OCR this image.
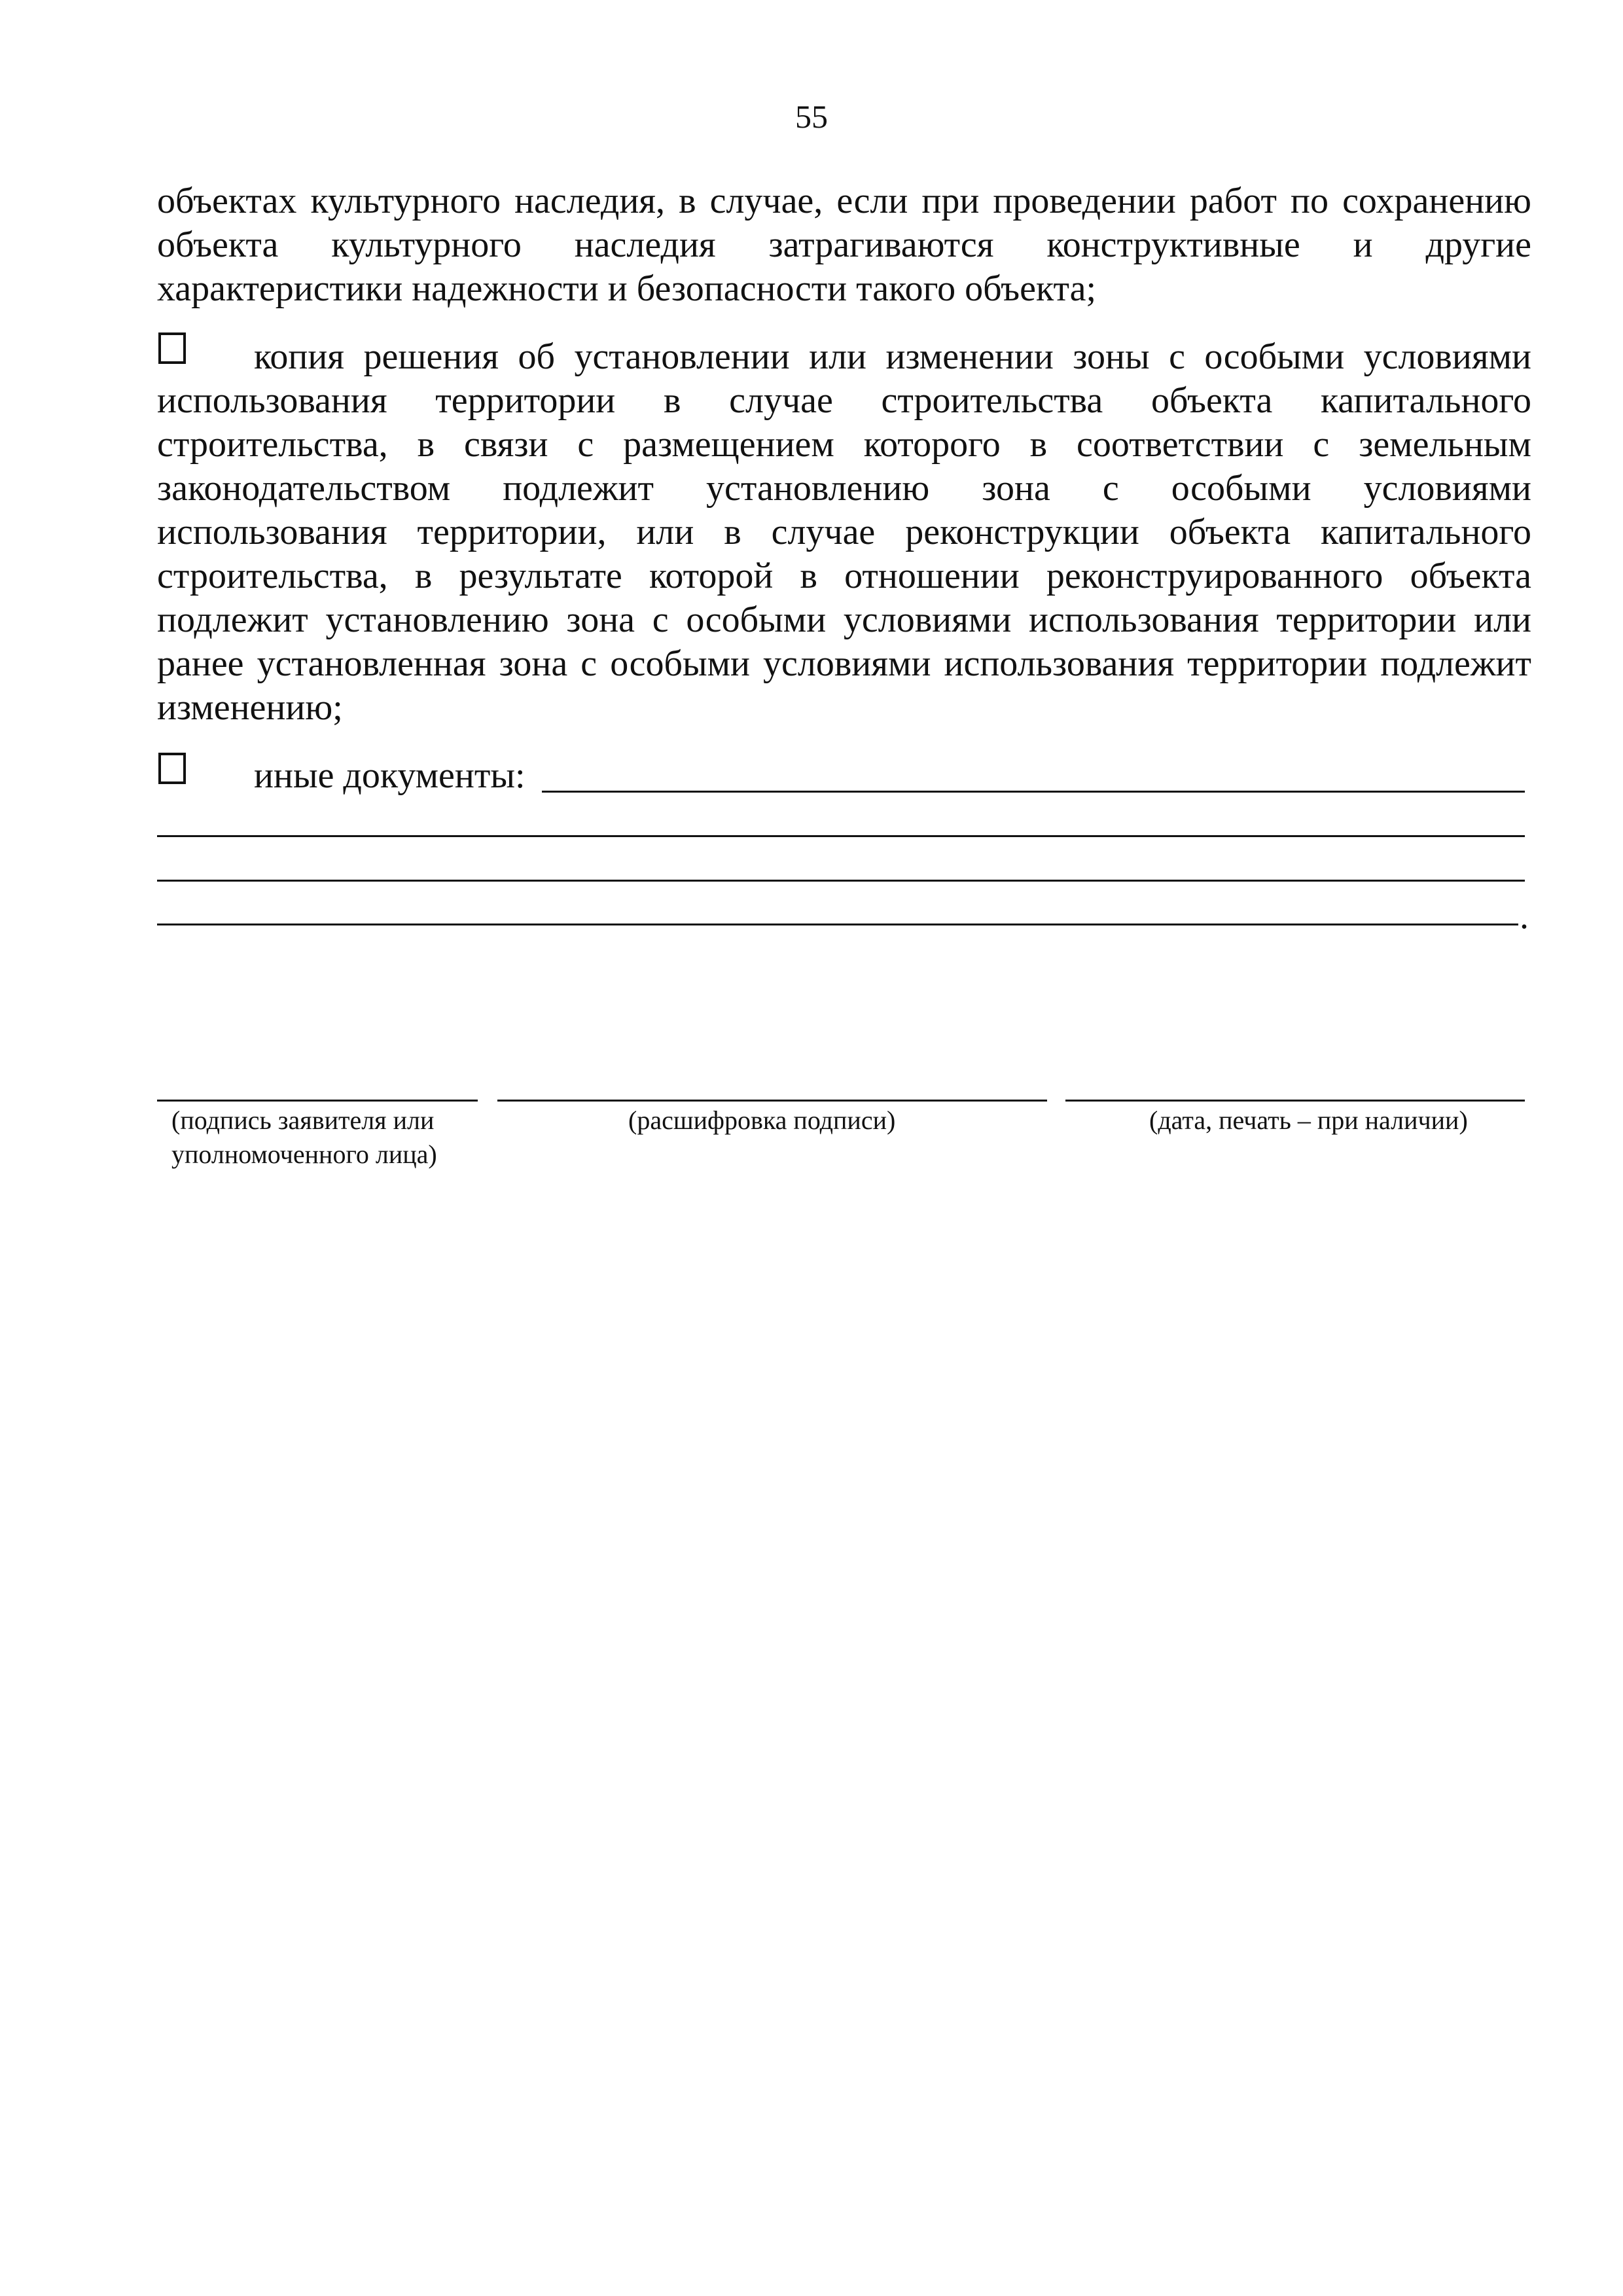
55
объектах культурного наследия, в случае, если при проведении работ по сохранению
объекта культурного наследия затрагиваются конструктивные и другие
характеристики надежности и безопасности такого объекта;
копия решения об установлении или изменении зоны с особыми условиями
использования территории в случае строительства объекта капитального
строительства, в связи с размещением которого в соответствии с земельным
законодательством подлежит установлению зона с особыми условиями
использования территории, или в случае реконструкции объекта капитального
строительства, в результате которой в отношении реконструированного объекта
подлежит установлению зона с особыми условиями использования территории или
ранее установленная зона с особыми условиями использования территории подлежит
изменению;
иные документы:
.
(подпись заявителя или
уполномоченного лица)
(расшифровка подписи)	(дата, печать – при наличии)
